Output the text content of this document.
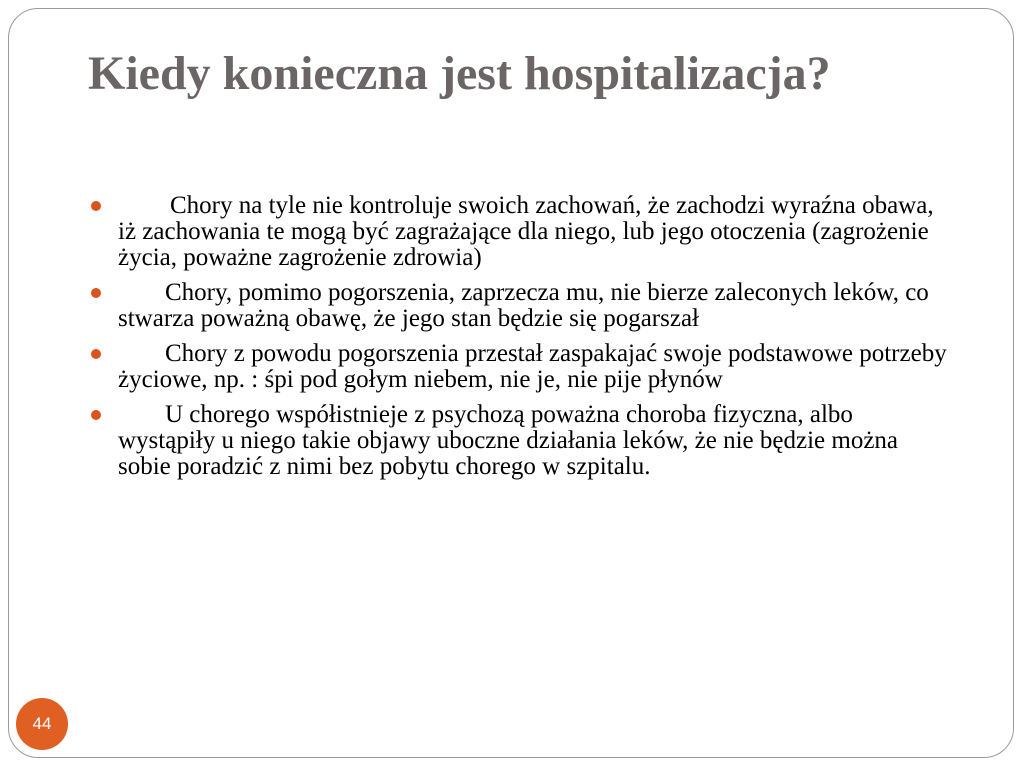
Kiedy konieczna jest hospitalizacja?
Chory na tyle nie kontroluje swoich zachowań, że zachodzi wyraźna obawa, iż zachowania te mogą być zagrażające dla niego, lub jego otoczenia (zagrożenie życia, poważne zagrożenie zdrowia)
Chory, pomimo pogorszenia, zaprzecza mu, nie bierze zaleconych leków, co stwarza poważną obawę, że jego stan będzie się pogarszał
Chory z powodu pogorszenia przestał zaspakajać swoje podstawowe potrzeby życiowe, np. : śpi pod gołym niebem, nie je, nie pije płynów
U chorego współistnieje z psychozą poważna choroba fizyczna, albo wystąpiły u niego takie objawy uboczne działania leków, że nie będzie można sobie poradzić z nimi bez pobytu chorego w szpitalu.
44
